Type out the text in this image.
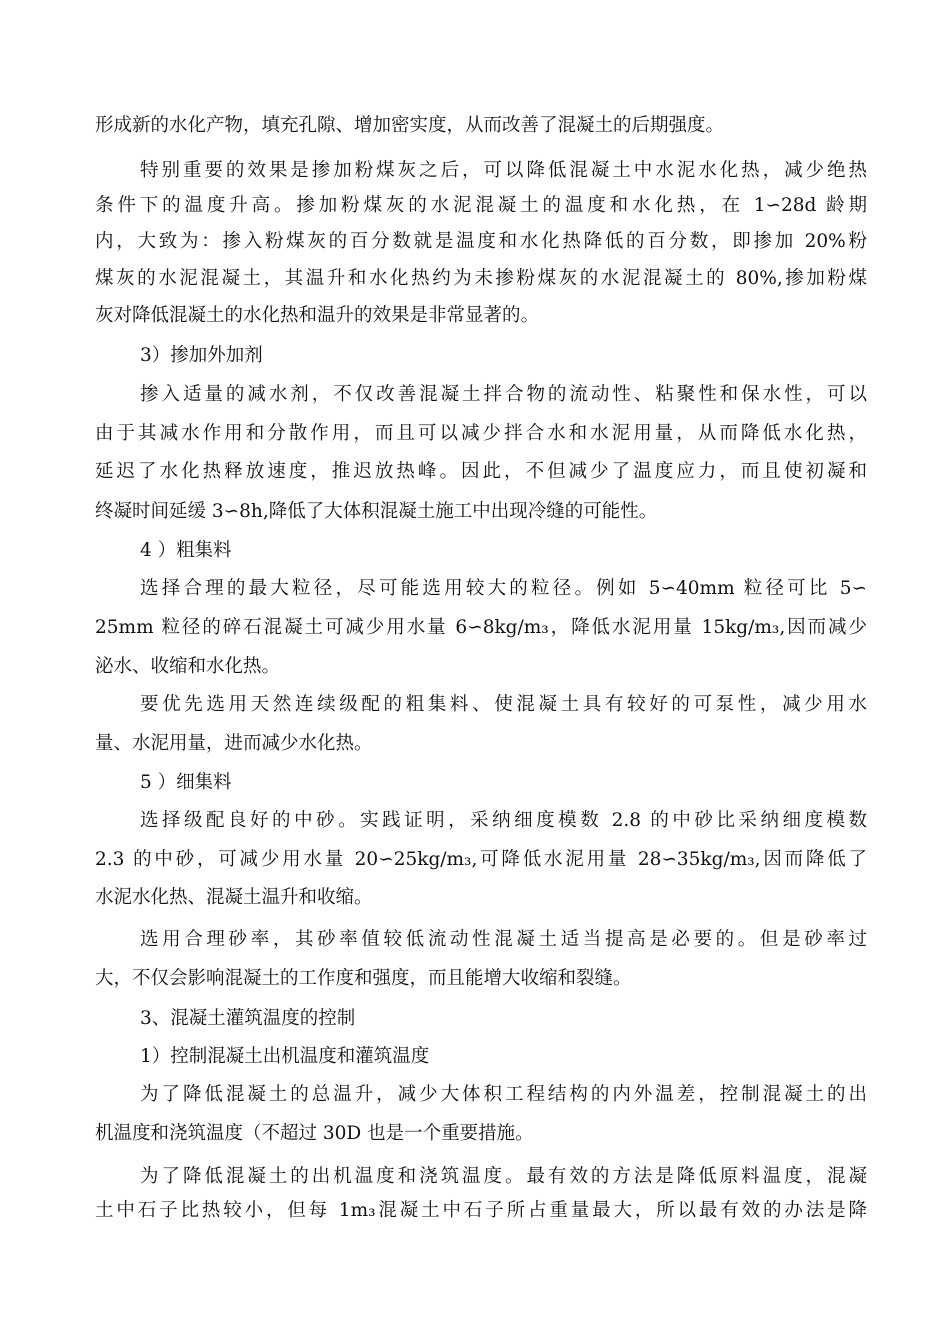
形成新的水化产物，填充孔隙、增加密实度，从而改善了混凝土的后期强度。
特别重要的效果是掺加粉煤灰之后，可以降低混凝土中水泥水化热，减少绝热
条件下的温度升高。掺加粉煤灰的水泥混凝土的温度和水化热，在 1∽28d 龄期
内，大致为：掺入粉煤灰的百分数就是温度和水化热降低的百分数，即掺加 20%粉
煤灰的水泥混凝土，其温升和水化热约为未掺粉煤灰的水泥混凝土的 80%,掺加粉煤
灰对降低混凝土的水化热和温升的效果是非常显著的。
3）掺加外加剂
掺入适量的减水剂，不仅改善混凝土拌合物的流动性、粘聚性和保水性，可以
由于其减水作用和分散作用，而且可以减少拌合水和水泥用量，从而降低水化热，
延迟了水化热释放速度，推迟放热峰。因此，不但减少了温度应力，而且使初凝和
终凝时间延缓 3∽8h,降低了大体积混凝土施工中出现冷缝的可能性。
4 ）粗集料
选择合理的最大粒径，尽可能选用较大的粒径。例如 5∽40mm 粒径可比 5∽
25mm 粒径的碎石混凝土可减少用水量 6∽8kg/m₃，降低水泥用量 15kg/m₃,因而减少
泌水、收缩和水化热。
要优先选用天然连续级配的粗集料、使混凝土具有较好的可泵性，减少用水
量、水泥用量，进而减少水化热。
5 ）细集料
选择级配良好的中砂。实践证明，采纳细度模数 2.8 的中砂比采纳细度模数
2.3 的中砂，可减少用水量 20∽25kg/m₃,可降低水泥用量 28∽35kg/m₃,因而降低了
水泥水化热、混凝土温升和收缩。
选用合理砂率，其砂率值较低流动性混凝土适当提高是必要的。但是砂率过
大，不仅会影响混凝土的工作度和强度，而且能增大收缩和裂缝。
3、混凝土灌筑温度的控制
1）控制混凝土出机温度和灌筑温度
为了降低混凝土的总温升，减少大体积工程结构的内外温差，控制混凝土的出
机温度和浇筑温度（不超过 30D 也是一个重要措施。
为了降低混凝土的出机温度和浇筑温度。最有效的方法是降低原料温度，混凝
土中石子比热较小，但每 1m₃混凝土中石子所占重量最大，所以最有效的办法是降
